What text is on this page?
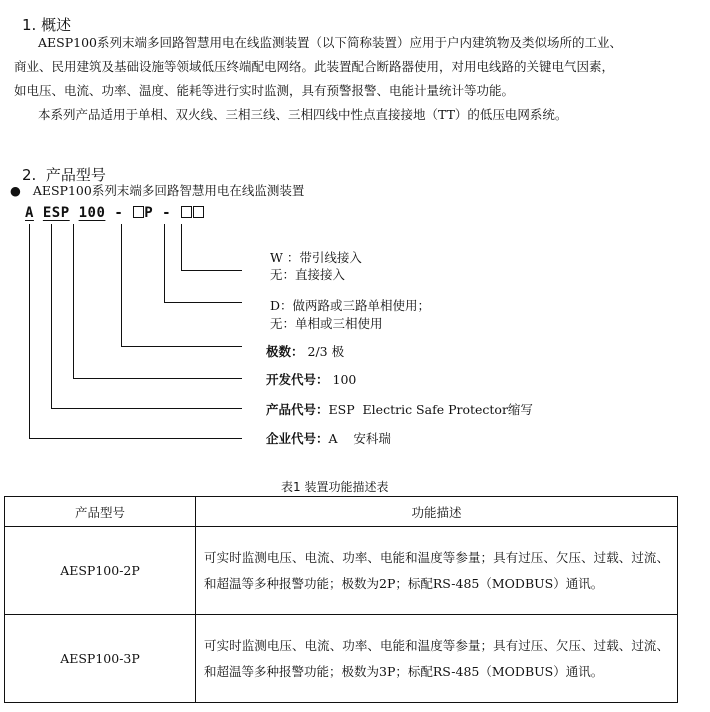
1. 概述
AESP100系列末端多回路智慧用电在线监测装置（以下简称装置）应用于户内建筑物及类似场所的工业、
商业、民用建筑及基础设施等领域低压终端配电网络。此装置配合断路器使用，对用电线路的关键电气因素，
如电压、电流、功率、温度、能耗等进行实时监测，具有预警报警、电能计量统计等功能。
本系列产品适用于单相、双火线、三相三线、三相四线中性点直接接地（TT）的低压电网系统。
2. 产品型号
● AESP100系列末端多回路智慧用电在线监测装置
A ESP 100 - P -
W ：带引线接入
无：直接接入
D：做两路或三路单相使用；
无：单相或三相使用
极数： 2/3 极
开发代号： 100
产品代号：ESP  Electric Safe Protector缩写
企业代号：A    安科瑞
表1 装置功能描述表
产品型号	功能描述
AESP100-2P	可实时监测电压、电流、功率、电能和温度等参量；具有过压、欠压、过载、过流、和超温等多种报警功能；极数为2P；标配RS-485（MODBUS）通讯。
AESP100-3P	可实时监测电压、电流、功率、电能和温度等参量；具有过压、欠压、过载、过流、和超温等多种报警功能；极数为3P；标配RS-485（MODBUS）通讯。
